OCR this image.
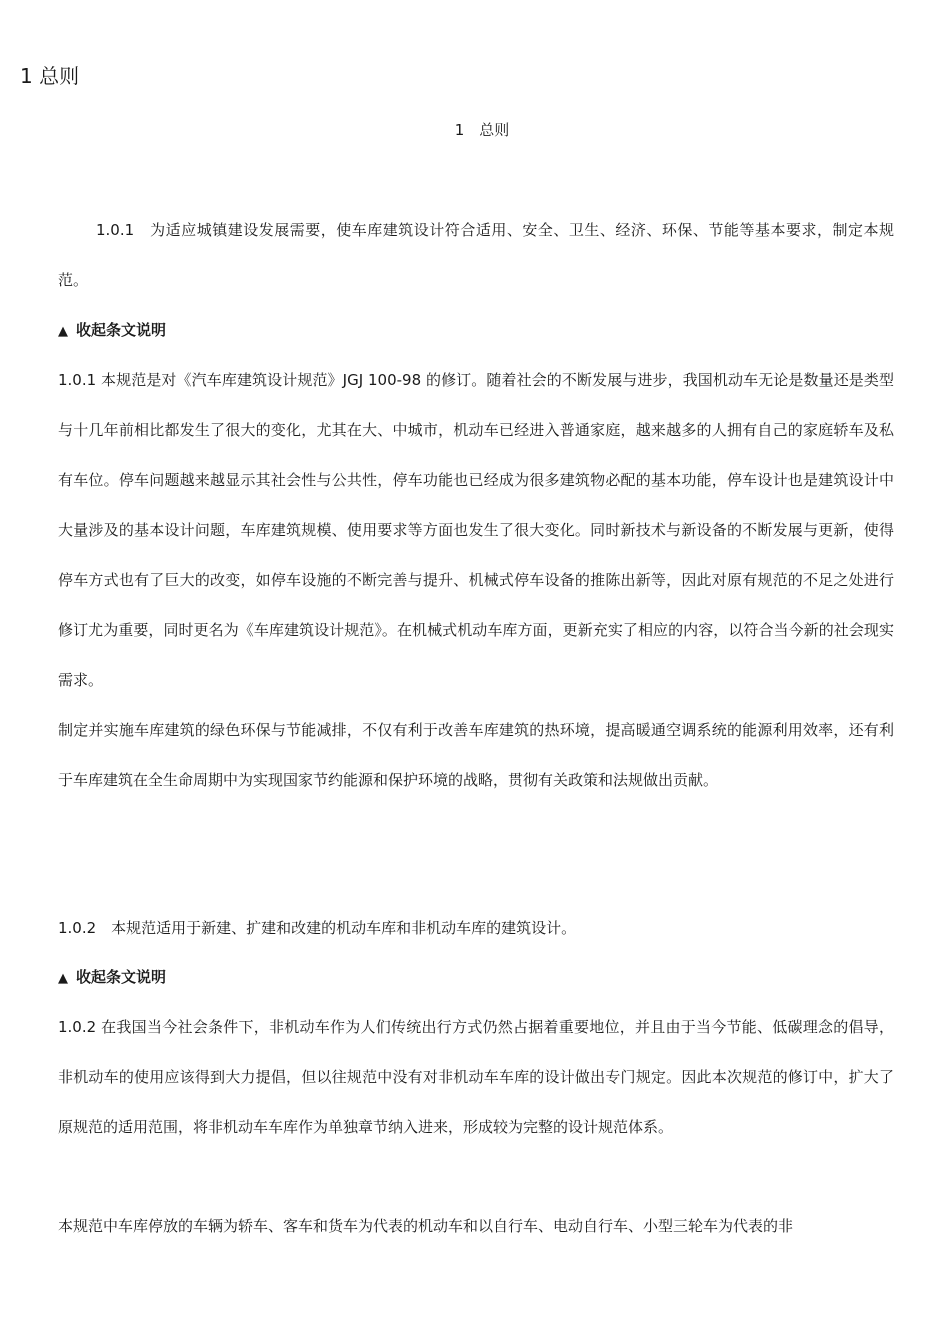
1 总则
1　总则

1.0.1　为适应城镇建设发展需要，使车库建筑设计符合适用、安全、卫生、经济、环保、节能等基本要求，制定本规范。

▲ 收起条文说明

1.0.1 本规范是对《汽车库建筑设计规范》JGJ 100-98 的修订。随着社会的不断发展与进步，我国机动车无论是数量还是类型与十几年前相比都发生了很大的变化，尤其在大、中城市，机动车已经进入普通家庭，越来越多的人拥有自己的家庭轿车及私有车位。停车问题越来越显示其社会性与公共性，停车功能也已经成为很多建筑物必配的基本功能，停车设计也是建筑设计中大量涉及的基本设计问题，车库建筑规模、使用要求等方面也发生了很大变化。同时新技术与新设备的不断发展与更新，使得停车方式也有了巨大的改变，如停车设施的不断完善与提升、机械式停车设备的推陈出新等，因此对原有规范的不足之处进行修订尤为重要，同时更名为《车库建筑设计规范》。在机械式机动车库方面，更新充实了相应的内容，以符合当今新的社会现实需求。

制定并实施车库建筑的绿色环保与节能减排，不仅有利于改善车库建筑的热环境，提高暖通空调系统的能源利用效率，还有利于车库建筑在全生命周期中为实现国家节约能源和保护环境的战略，贯彻有关政策和法规做出贡献。

1.0.2　本规范适用于新建、扩建和改建的机动车库和非机动车库的建筑设计。

▲ 收起条文说明

1.0.2 在我国当今社会条件下，非机动车作为人们传统出行方式仍然占据着重要地位，并且由于当今节能、低碳理念的倡导，非机动车的使用应该得到大力提倡，但以往规范中没有对非机动车车库的设计做出专门规定。因此本次规范的修订中，扩大了原规范的适用范围，将非机动车车库作为单独章节纳入进来，形成较为完整的设计规范体系。

本规范中车库停放的车辆为轿车、客车和货车为代表的机动车和以自行车、电动自行车、小型三轮车为代表的非
